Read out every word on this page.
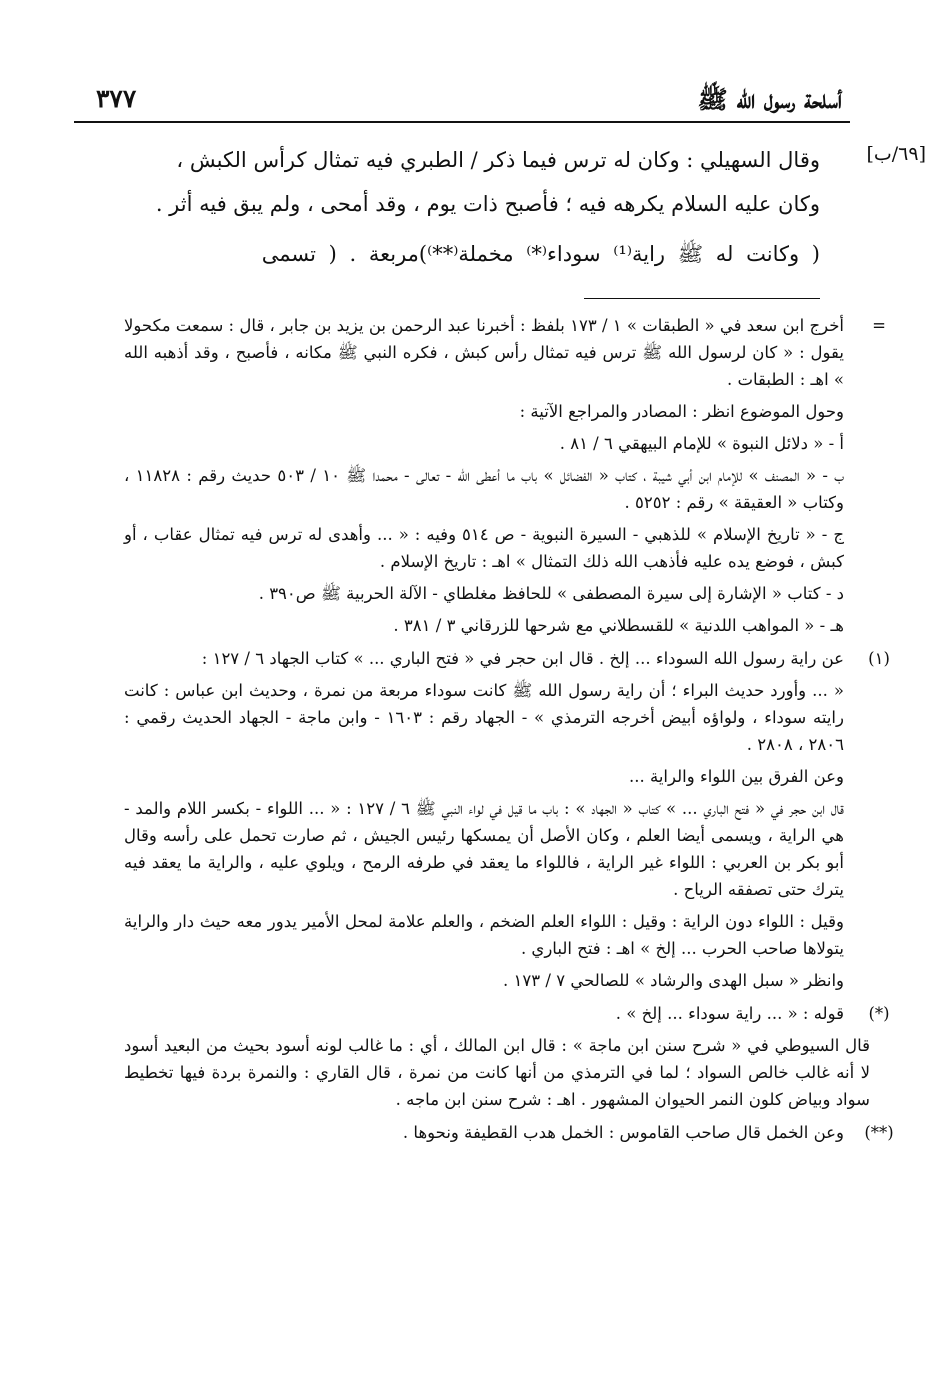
أسلحة رسول الله ﷺ
٣٧٧
[٦٩/ب]

وقال السهيلي : وكان له ترس فيما ذكر / الطبري فيه تمثال كرأس الكبش ،

وكان عليه السلام يكرهه فيه ؛ فأصبح ذات يوم ، وقد أمحى ، ولم يبق فيه أثر .

( وكانت له ﷺ راية⁽¹⁾ سوداء⁽*⁾ مخملة⁽**⁾)مربعة . ( تسمى

=

أخرج ابن سعد في « الطبقات » ١ / ١٧٣ بلفظ : أخبرنا عبد الرحمن بن يزيد بن جابر ، قال : سمعت مكحولا يقول : « كان لرسول الله ﷺ ترس فيه تمثال رأس كبش ، فكره النبي ﷺ مكانه ، فأصبح ، وقد أذهبه الله » اهـ : الطبقات .

وحول الموضوع انظر : المصادر والمراجع الآتية :

أ - « دلائل النبوة » للإمام البيهقي ٦ / ٨١ .

ب - « المصنف » للإمام ابن أبي شيبة ، كتاب « الفضائل » باب ما أعطى الله - تعالى - محمدا ﷺ ١٠ / ٥٠٣ حديث رقم : ١١٨٢٨ ، وكتاب « العقيقة » رقم : ٥٢٥٢ .

ج - « تاريخ الإسلام » للذهبي - السيرة النبوية - ص ٥١٤ وفيه : « ... وأهدى له ترس فيه تمثال عقاب ، أو كبش ، فوضع يده عليه فأذهب الله ذلك التمثال » اهـ : تاريخ الإسلام .

د - كتاب « الإشارة إلى سيرة المصطفى » للحافظ مغلطاي - الآلة الحربية ﷺ ص٣٩٠ .

هـ - « المواهب اللدنية » للقسطلاني مع شرحها للزرقاني ٣ / ٣٨١ .

(١)

عن راية رسول الله السوداء ... إلخ . قال ابن حجر في « فتح الباري ... » كتاب الجهاد ٦ / ١٢٧ :

« ... وأورد حديث البراء ؛ أن راية رسول الله ﷺ كانت سوداء مربعة من نمرة ، وحديث ابن عباس : كانت رايته سوداء ، ولواؤه أبيض أخرجه الترمذي » - الجهاد رقم : ١٦٠٣ - وابن ماجة - الجهاد الحديث رقمي : ٢٨٠٦ ، ٢٨٠٨ .

وعن الفرق بين اللواء والراية ...

قال ابن حجر في « فتح الباري ... » كتاب « الجهاد » : باب ما قيل في لواء النبي ﷺ ٦ / ١٢٧ : « ... اللواء - بكسر اللام والمد - هي الراية ، ويسمى أيضا العلم ، وكان الأصل أن يمسكها رئيس الجيش ، ثم صارت تحمل على رأسه وقال أبو بكر بن العربي : اللواء غير الراية ، فاللواء ما يعقد في طرفه الرمح ، ويلوي عليه ، والراية ما يعقد فيه يترك حتى تصفقه الرياح .

وقيل : اللواء دون الراية : وقيل : اللواء العلم الضخم ، والعلم علامة لمحل الأمير يدور معه حيث دار والراية يتولاها صاحب الحرب ... إلخ » اهـ : فتح الباري .

وانظر « سبل الهدى والرشاد » للصالحي ٧ / ١٧٣ .

(*)

قوله : « ... راية سوداء ... إلخ » .

قال السيوطي في « شرح سنن ابن ماجة » : قال ابن المالك ، أي : ما غالب لونه أسود بحيث من البعيد أسود لا أنه غالب خالص السواد ؛ لما في الترمذي من أنها كانت من نمرة ، قال القاري : والنمرة بردة فيها تخطيط سواد وبياض كلون النمر الحيوان المشهور . اهـ : شرح سنن ابن ماجه .

(**)

وعن الخمل قال صاحب القاموس : الخمل هدب القطيفة ونحوها .
